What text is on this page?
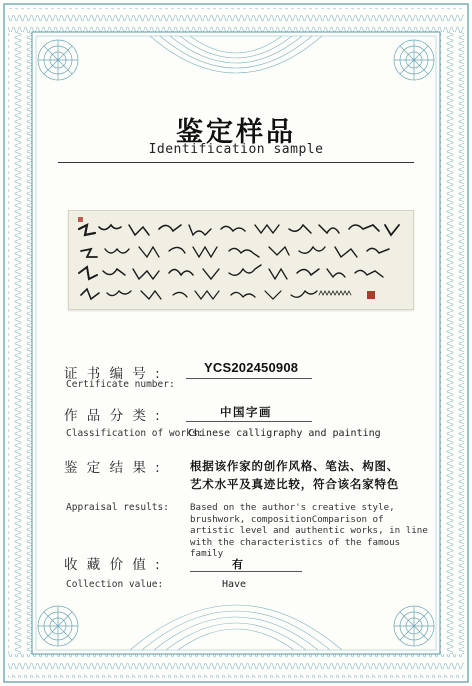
鉴定样品
Identification sample
证 书 编 号 :
Certificate number:
YCS202450908
作 品 分 类 :	中国字画
Classification of works:
Chinese calligraphy and painting
鉴 定 结 果 : 根据该作家的创作风格、笔法、构图、
艺术水平及真迹比较，符合该名家特色
Appraisal results: Based on the author's creative style, brushwork, compositionComparison of artistic level and authentic works, in line with the characteristics of the famous family
收 藏 价 值 :	有
Collection value:	Have
